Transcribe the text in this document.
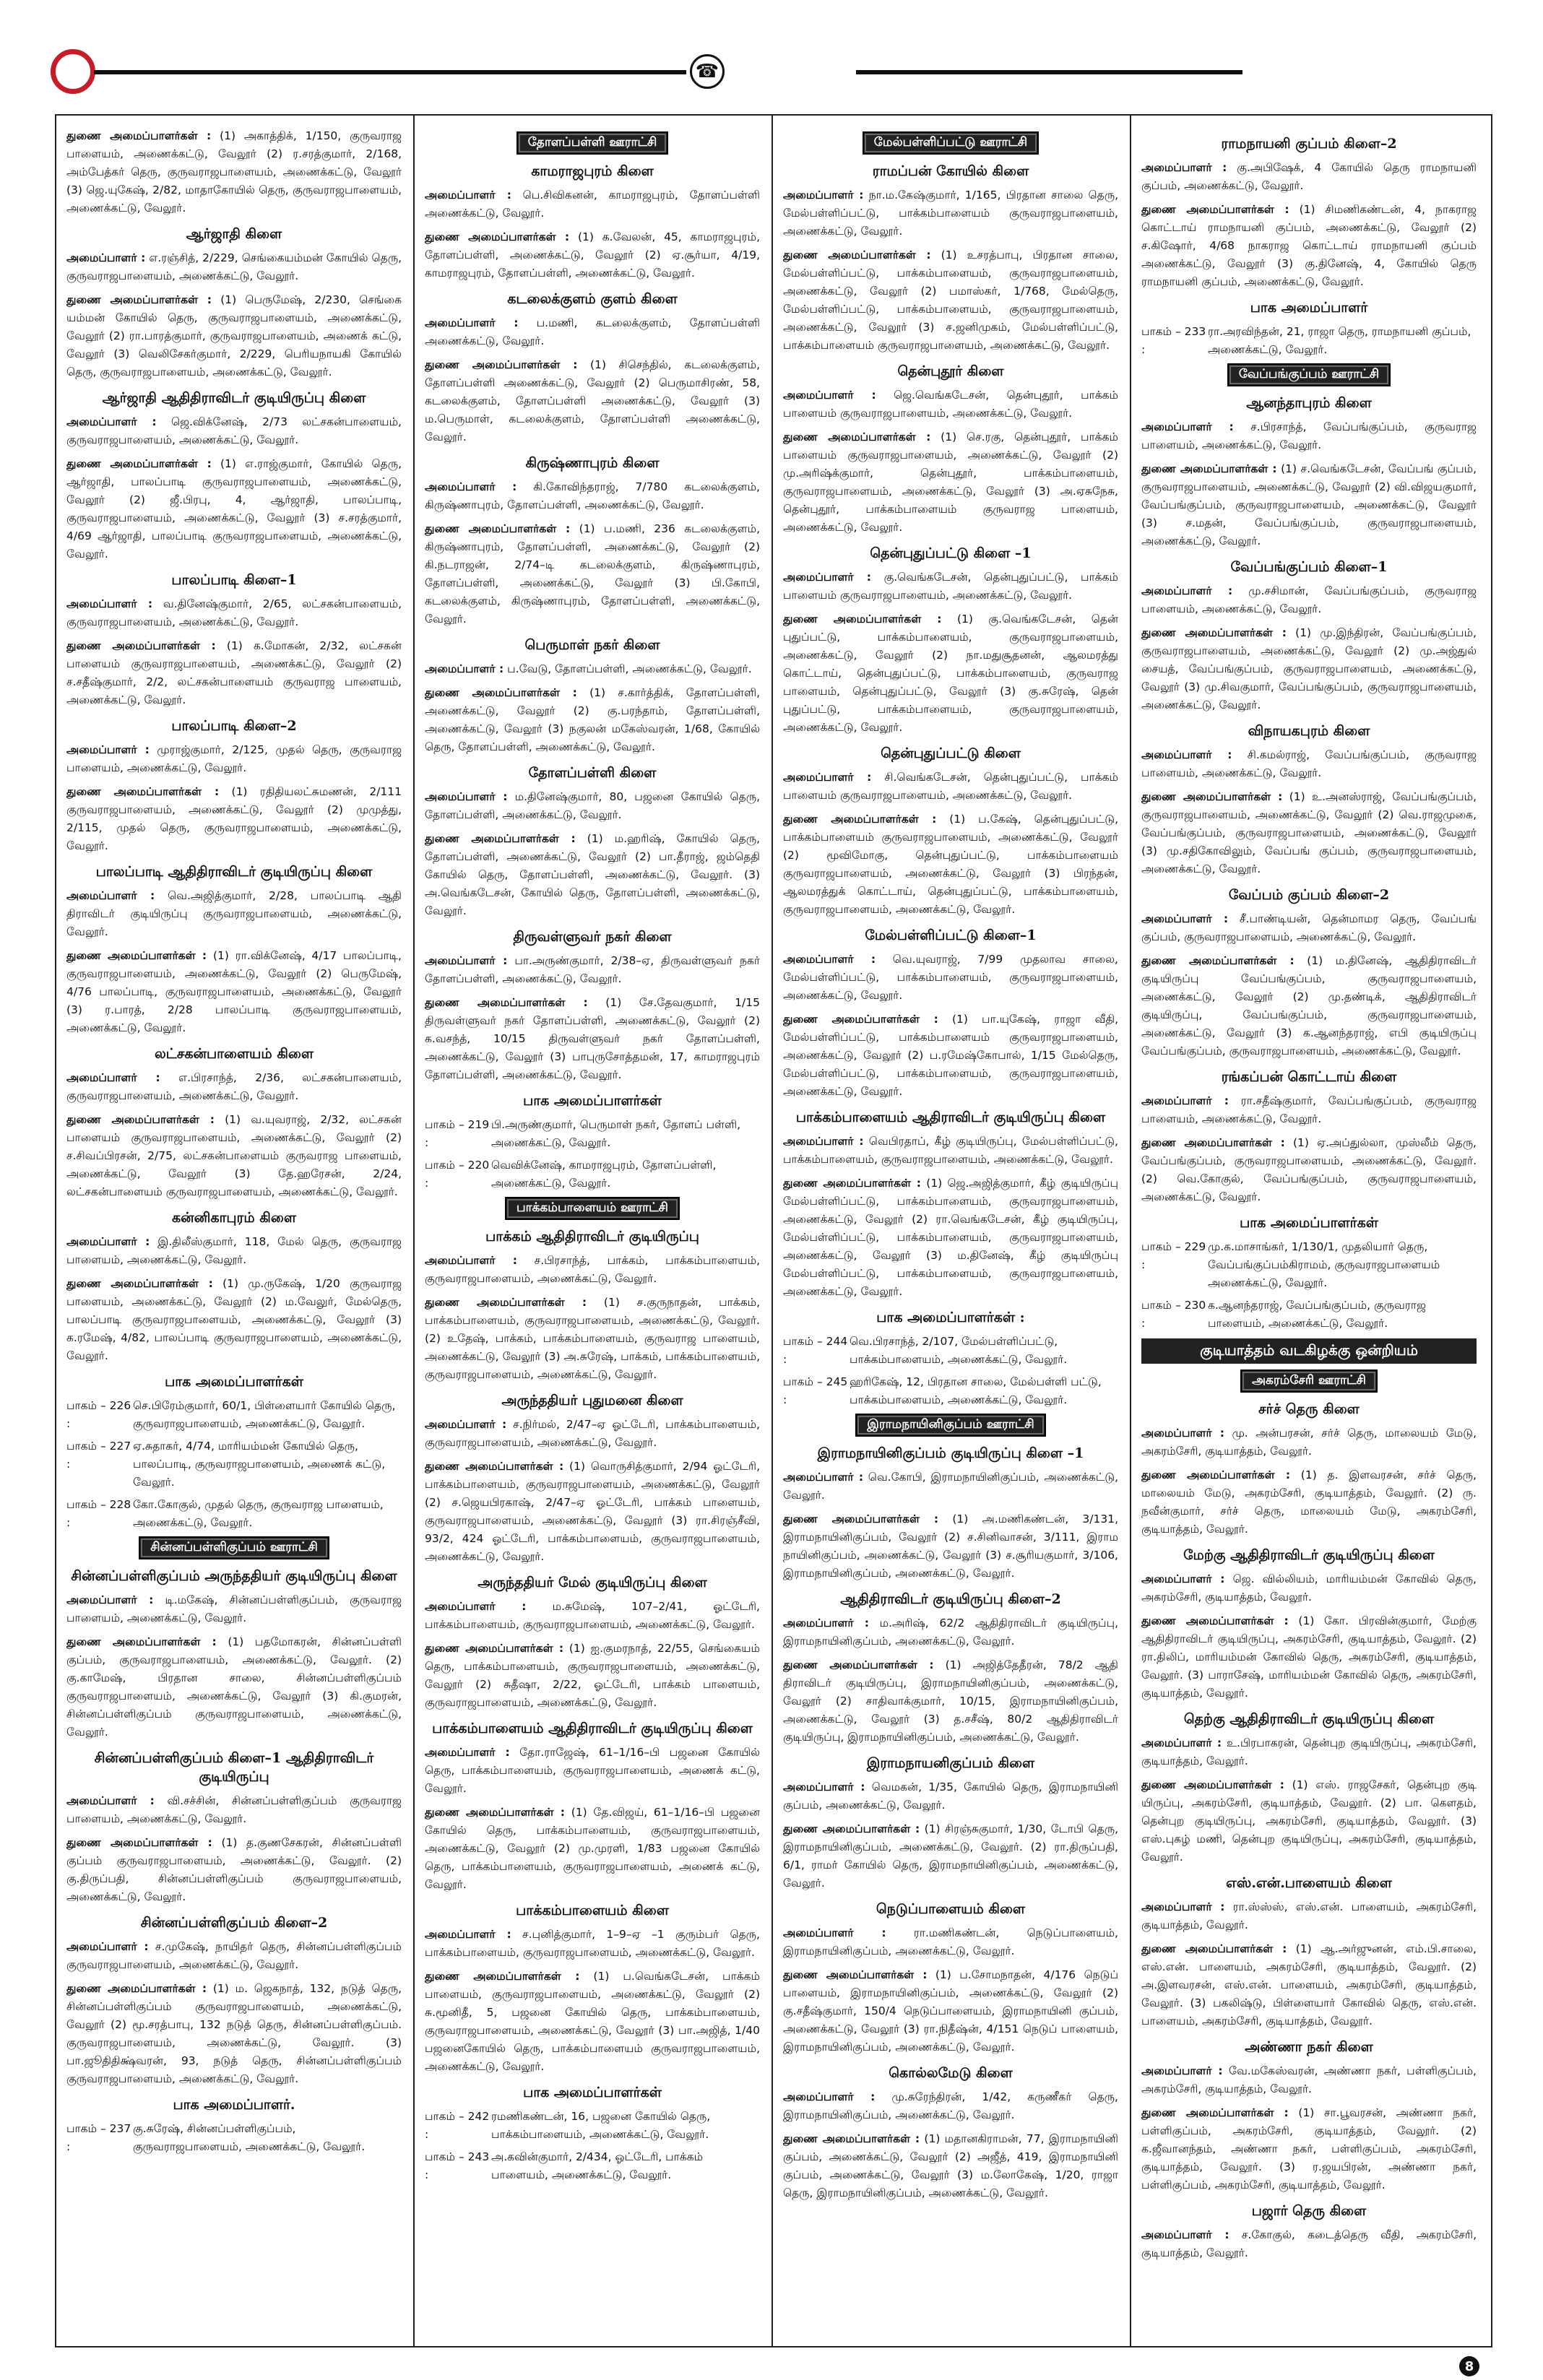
☎

துணை அமைப்பாளர்கள் : (1) அகாத்திக், 1/150, குருவராஜ பாளையம், அணைக்கட்டு, வேலூர் (2) ர.சரத்குமார், 2/168, அம்பேத்கர் தெரு, குருவராஜபாளையம், அணைக்கட்டு, வேலூர் (3) ஜெ.யுகேஷ், 2/82, மாதாகோயில் தெரு, குருவராஜபாளையம், அணைக்கட்டு, வேலூர்.

ஆர்ஜாதி கிளை

அமைப்பாளர் : எ.ரஞ்சித், 2/229, செங்கையம்மன் கோயில் தெரு, குருவராஜபாளையம், அணைக்கட்டு, வேலூர்.

துணை அமைப்பாளர்கள் : (1) பெருமேஷ், 2/230, செங்கை யம்மன் கோயில் தெரு, குருவராஜபாளையம், அணைக்கட்டு, வேலூர் (2) ரா.பாரத்குமார், குருவராஜபாளையம், அணைக் கட்டு, வேலூர் (3) வெலிசேகர்குமார், 2/229, பெரியநாயகி கோயில் தெரு, குருவராஜபாளையம், அணைக்கட்டு, வேலூர்.

ஆர்ஜாதி ஆதிதிராவிடர் குடியிருப்பு கிளை

அமைப்பாளர் : ஜெ.விக்னேஷ், 2/73 லட்சகன்பாளையம், குருவராஜபாளையம், அணைக்கட்டு, வேலூர்.

துணை அமைப்பாளர்கள் : (1) எ.ராஜ்குமார், கோயில் தெரு, ஆர்ஜாதி, பாலப்பாடி குருவராஜபாளையம், அணைக்கட்டு, வேலூர் (2) ஜீ.பிரபு, 4, ஆர்ஜாதி, பாலப்பாடி, குருவராஜபாளையம், அணைக்கட்டு, வேலூர் (3) ச.சரத்குமார், 4/69 ஆர்ஜாதி, பாலப்பாடி குருவராஜபாளையம், அணைக்கட்டு, வேலூர்.

பாலப்பாடி கிளை–1

அமைப்பாளர் : வ.தினேஷ்குமார், 2/65, லட்சகன்பாளையம், குருவராஜபாளையம், அணைக்கட்டு, வேலூர்.

துணை அமைப்பாளர்கள் : (1) க.மோகன், 2/32, லட்சகன் பாளையம் குருவராஜபாளையம், அணைக்கட்டு, வேலூர் (2) ச.சதீஷ்குமார், 2/2, லட்சகன்பாளையம் குருவராஜ பாளையம், அணைக்கட்டு, வேலூர்.

பாலப்பாடி கிளை–2

அமைப்பாளர் : முராஜ்குமார், 2/125, முதல் தெரு, குருவராஜ பாளையம், அணைக்கட்டு, வேலூர்.

துணை அமைப்பாளர்கள் : (1) ரதிதியலட்சுமணன், 2/111 குருவராஜபாளையம், அணைக்கட்டு, வேலூர் (2) முமுத்து, 2/115, முதல் தெரு, குருவராஜபாளையம், அணைக்கட்டு, வேலூர்.

பாலப்பாடி ஆதிதிராவிடர் குடியிருப்பு கிளை

அமைப்பாளர் : வெ.அஜித்குமார், 2/28, பாலப்பாடி ஆதி திராவிடர் குடியிருப்பு குருவராஜபாளையம், அணைக்கட்டு, வேலூர்.

துணை அமைப்பாளர்கள் : (1) ரா.விக்னேஷ், 4/17 பாலப்பாடி, குருவராஜபாளையம், அணைக்கட்டு, வேலூர் (2) பெருமேஷ், 4/76 பாலப்பாடி, குருவராஜபாளையம், அணைக்கட்டு, வேலூர் (3) ர.பாரத், 2/28 பாலப்பாடி குருவராஜபாளையம், அணைக்கட்டு, வேலூர்.

லட்சகன்பாளையம் கிளை

அமைப்பாளர் : எ.பிரசாந்த், 2/36, லட்சகன்பாளையம், குருவராஜபாளையம், அணைக்கட்டு, வேலூர்.

துணை அமைப்பாளர்கள் : (1) வ.யுவராஜ், 2/32, லட்சகன் பாளையம் குருவராஜபாளையம், அணைக்கட்டு, வேலூர் (2) ச.சிவப்பிரசன், 2/75, லட்சகன்பாளையம் குருவராஜ பாளையம், அணைக்கட்டு, வேலூர் (3) தே.ஹரேசன், 2/24, லட்சகன்பாளையம் குருவராஜபாளையம், அணைக்கட்டு, வேலூர்.

கன்னிகாபுரம் கிளை

அமைப்பாளர் : இ.திலீஸ்குமார், 118, மேல் தெரு, குருவராஜ பாளையம், அணைக்கட்டு, வேலூர்.

துணை அமைப்பாளர்கள் : (1) மு.ருகேஷ், 1/20 குருவராஜ பாளையம், அணைக்கட்டு, வேலூர் (2) ம.வேலுர், மேல்தெரு, பாலப்பாடி குருவராஜபாளையம், அணைக்கட்டு, வேலூர் (3) க.ரமேஷ், 4/82, பாலப்பாடி குருவராஜபாளையம், அணைக்கட்டு, வேலூர்.

பாக அமைப்பாளர்கள்
பாகம் – 226 :
செ.பிரேம்குமார், 60/1, பிள்ளையார் கோயில் தெரு, குருவராஜபாளையம், அணைக்கட்டு, வேலூர்.
பாகம் – 227 :
ஏ.சுதாகர், 4/74, மாரியம்மன் கோயில் தெரு, பாலப்பாடி, குருவராஜபாளையம், அணைக் கட்டு, வேலூர்.
பாகம் – 228 :
கோ.கோகுல், முதல் தெரு, குருவராஜ பாளையம், அணைக்கட்டு, வேலூர்.
சின்னப்பள்ளிகுப்பம் ஊராட்சி
சின்னப்பள்ளிகுப்பம் அருந்ததியர் குடியிருப்பு கிளை

அமைப்பாளர் : டி.மகேஷ், சின்னப்பள்ளிகுப்பம், குருவராஜ பாளையம், அணைக்கட்டு, வேலூர்.

துணை அமைப்பாளர்கள் : (1) பதமோகரன், சின்னப்பள்ளி குப்பம், குருவராஜபாளையம், அணைக்கட்டு, வேலூர். (2) கு.காமேஷ், பிரதான சாலை, சின்னப்பள்ளிகுப்பம் குருவராஜபாளையம், அணைக்கட்டு, வேலூர் (3) கி.குமரன், சின்னப்பள்ளிகுப்பம் குருவராஜபாளையம், அணைக்கட்டு, வேலூர்.

சின்னப்பள்ளிகுப்பம் கிளை–1 ஆதிதிராவிடர் குடியிருப்பு

அமைப்பாளர் : வி.சச்சின், சின்னப்பள்ளிகுப்பம் குருவராஜ பாளையம், அணைக்கட்டு, வேலூர்.

துணை அமைப்பாளர்கள் : (1) த.குணசேகரன், சின்னப்பள்ளி குப்பம் குருவராஜபாளையம், அணைக்கட்டு, வேலூர். (2) கு.திருப்பதி, சின்னப்பள்ளிகுப்பம் குருவராஜபாளையம், அணைக்கட்டு, வேலூர்.

சின்னப்பள்ளிகுப்பம் கிளை–2

அமைப்பாளர் : ச.முகேஷ், நாயிதர் தெரு, சின்னப்பள்ளிகுப்பம் குருவராஜபாளையம், அணைக்கட்டு, வேலூர்.

துணை அமைப்பாளர்கள் : (1) ம. ஜெகநாத், 132, நடுத் தெரு, சின்னப்பள்ளிகுப்பம் குருவராஜபாளையம், அணைக்கட்டு, வேலூர் (2) மூ.சரத்பாபு, 132 நடுத் தெரு, சின்னப்பள்ளிகுப்பம். குருவராஜபாளையம், அணைக்கட்டு, வேலூர். (3) பா.ஜூதிதிக்ஷ்வரன், 93, நடுத் தெரு, சின்னப்பள்ளிகுப்பம் குருவராஜபாளையம், அணைக்கட்டு, வேலூர்.

பாக அமைப்பாளர்.
பாகம் – 237 :
கு.சுரேஷ், சின்னப்பள்ளிகுப்பம், குருவராஜபாளையம், அணைக்கட்டு, வேலூர்.
தோளப்பள்ளி ஊராட்சி
காமராஜபுரம் கிளை

அமைப்பாளர் : பெ.சிவிகனன், காமராஜபுரம், தோளப்பள்ளி அணைக்கட்டு, வேலூர்.

துணை அமைப்பாளர்கள் : (1) க.வேலன், 45, காமராஜபுரம், தோளப்பள்ளி, அணைக்கட்டு, வேலூர் (2) ஏ.சூர்யா, 4/19, காமராஜபுரம், தோளப்பள்ளி, அணைக்கட்டு, வேலூர்.

கடலைக்குளம் குளம் கிளை

அமைப்பாளர் : ப.மணி, கடலைக்குளம், தோளப்பள்ளி அணைக்கட்டு, வேலூர்.

துணை அமைப்பாளர்கள் : (1) சிசெந்தில், கடலைக்குளம், தோளப்பள்ளி அணைக்கட்டு, வேலூர் (2) பெருமாசிரண், 58, கடலைக்குளம், தோளப்பள்ளி அணைக்கட்டு, வேலூர் (3) ம.பெருமாள், கடலைக்குளம், தோளப்பள்ளி அணைக்கட்டு, வேலூர்.

கிருஷ்ணாபுரம் கிளை

அமைப்பாளர் : கி.கோவிந்தராஜ், 7/780 கடலைக்குளம், கிருஷ்ணாபுரம், தோளப்பள்ளி, அணைக்கட்டு, வேலூர்.

துணை அமைப்பாளர்கள் : (1) ப.மணி, 236 கடலைக்குளம், கிருஷ்ணாபுரம், தோளப்பள்ளி, அணைக்கட்டு, வேலூர் (2) கி.நடராஜன், 2/74–டி கடலைக்குளம், கிருஷ்ணாபுரம், தோளப்பள்ளி, அணைக்கட்டு, வேலூர் (3) பி.கோபி, கடலைக்குளம், கிருஷ்ணாபுரம், தோளப்பள்ளி, அணைக்கட்டு, வேலூர்.

பெருமாள் நகர் கிளை

அமைப்பாளர் : ப.வேடு, தோளப்பள்ளி, அணைக்கட்டு, வேலூர்.

துணை அமைப்பாளர்கள் : (1) ச.கார்த்திக், தோளப்பள்ளி, அணைக்கட்டு, வேலூர் (2) கு.பரந்தாம், தோளப்பள்ளி, அணைக்கட்டு, வேலூர் (3) நகுலன் மகேஸ்வரன், 1/68, கோயில் தெரு, தோளப்பள்ளி, அணைக்கட்டு, வேலூர்.

தோளப்பள்ளி கிளை

அமைப்பாளர் : ம.தினேஷ்குமார், 80, பஜனை கோயில் தெரு, தோளப்பள்ளி, அணைக்கட்டு, வேலூர்.

துணை அமைப்பாளர்கள் : (1) ம.ஹரிஷ், கோயில் தெரு, தோளப்பள்ளி, அணைக்கட்டு, வேலூர் (2) பா.தீராஜ், ஜம்தெதி கோயில் தெரு, தோளப்பள்ளி, அணைக்கட்டு, வேலூர். (3) அ.வெங்கடேசன், கோயில் தெரு, தோளப்பள்ளி, அணைக்கட்டு, வேலூர்.

திருவள்ளுவர் நகர் கிளை

அமைப்பாளர் : பா.அருண்குமார், 2/38–ஏ, திருவள்ளுவர் நகர் தோளப்பள்ளி, அணைக்கட்டு, வேலூர்.

துணை அமைப்பாளர்கள் : (1) சே.தேவகுமார், 1/15 திருவள்ளுவர் நகர் தோளப்பள்ளி, அணைக்கட்டு, வேலூர் (2) க.வசந்த், 10/15 திருவள்ளுவர் நகர் தோளப்பள்ளி, அணைக்கட்டு, வேலூர் (3) பாபுருசோத்தமன், 17, காமராஜபுரம் தோளப்பள்ளி, அணைக்கட்டு, வேலூர்.

பாக அமைப்பாளர்கள்
பாகம் – 219 :
பி.அருண்குமார், பெருமாள் நகர், தோளப் பள்ளி, அணைக்கட்டு, வேலூர்.
பாகம் – 220 :
வெவிக்னேஷ், காமராஜபுரம், தோளப்பள்ளி, அணைக்கட்டு, வேலூர்.
பாக்கம்பாளையம் ஊராட்சி
பாக்கம் ஆதிதிராவிடர் குடியிருப்பு

அமைப்பாளர் : ச.பிரசாந்த், பாக்கம், பாக்கம்பாளையம், குருவராஜபாளையம், அணைக்கட்டு, வேலூர்.

துணை அமைப்பாளர்கள் : (1) ச.குருநாதன், பாக்கம், பாக்கம்பாளையம், குருவராஜபாளையம், அணைக்கட்டு, வேலூர். (2) உதேஷ், பாக்கம், பாக்கம்பாளையம், குருவராஜ பாளையம், அணைக்கட்டு, வேலூர் (3) அ.சுரேஷ், பாக்கம், பாக்கம்பாளையம், குருவராஜபாளையம், அணைக்கட்டு, வேலூர்.

அருந்ததியர் புதுமனை கிளை

அமைப்பாளர் : ச.நிர்மல், 2/47–ஏ ஓட்டேரி, பாக்கம்பாளையம், குருவராஜபாளையம், அணைக்கட்டு, வேலூர்.

துணை அமைப்பாளர்கள் : (1) வொருசித்குமார், 2/94 ஓட்டேரி, பாக்கம்பாளையம், குருவராஜபாளையம், அணைக்கட்டு, வேலூர் (2) ச.ஜெயபிரகாஷ், 2/47–ஏ ஓட்டேரி, பாக்கம் பாளையம், குருவராஜபாளையம், அணைக்கட்டு, வேலூர் (3) ரா.சிரஞ்சீவி, 93/2, 424 ஓட்டேரி, பாக்கம்பாளையம், குருவராஜபாளையம், அணைக்கட்டு, வேலூர்.

அருந்ததியர் மேல் குடியிருப்பு கிளை

அமைப்பாளர் : ம.சுமேஷ், 107–2/41, ஓட்டேரி, பாக்கம்பாளையம், குருவராஜபாளையம், அணைக்கட்டு, வேலூர்.

துணை அமைப்பாளர்கள் : (1) ஐ.குமரநாத், 22/55, செங்கையம் தெரு, பாக்கம்பாளையம், குருவராஜபாளையம், அணைக்கட்டு, வேலூர் (2) சுதீஷா, 2/22, ஓட்டேரி, பாக்கம் பாளையம், குருவராஜபாளையம், அணைக்கட்டு, வேலூர்.

பாக்கம்பாளையம் ஆதிதிராவிடர் குடியிருப்பு கிளை

அமைப்பாளர் : தோ.ராஜேஷ், 61–1/16–பி பஜனை கோயில் தெரு, பாக்கம்பாளையம், குருவராஜபாளையம், அணைக் கட்டு, வேலூர்.

துணை அமைப்பாளர்கள் : (1) தே.விஜய், 61–1/16–பி பஜனை கோயில் தெரு, பாக்கம்பாளையம், குருவராஜபாளையம், அணைக்கட்டு, வேலூர் (2) மு.முரளி, 1/83 பஜனை கோயில் தெரு, பாக்கம்பாளையம், குருவராஜபாளையம், அணைக் கட்டு, வேலூர்.

பாக்கம்பாளையம் கிளை

அமைப்பாளர் : ச.புனித்குமார், 1–9–ஏ –1 குரும்பர் தெரு, பாக்கம்பாளையம், குருவராஜபாளையம், அணைக்கட்டு, வேலூர்.

துணை அமைப்பாளர்கள் : (1) ப.வெங்கடேசன், பாக்கம் பாளையம், குருவராஜபாளையம், அணைக்கட்டு, வேலூர் (2) சு.மூனிதீ, 5, பஜனை கோயில் தெரு, பாக்கம்பாளையம், குருவராஜபாளையம், அணைக்கட்டு, வேலூர் (3) பா.அஜித், 1/40 பஜனைகோயில் தெரு, பாக்கம்பாளையம் குருவராஜபாளையம், அணைக்கட்டு, வேலூர்.

பாக அமைப்பாளர்கள்
பாகம் – 242 :
ரமணிகண்டன், 16, பஜனை கோயில் தெரு, பாக்கம்பாளையம், அணைக்கட்டு, வேலூர்.
பாகம் – 243 :
அ.கவின்குமார், 2/434, ஓட்டேரி, பாக்கம் பாளையம், அணைக்கட்டு, வேலூர்.
மேல்பள்ளிப்பட்டு ஊராட்சி
ராமப்பன் கோயில் கிளை

அமைப்பாளர் : நா.ம.கேஷ்குமார், 1/165, பிரதான சாலை தெரு, மேல்பள்ளிப்பட்டு, பாக்கம்பாளையம் குருவராஜபாளையம், அணைக்கட்டு, வேலூர்.

துணை அமைப்பாளர்கள் : (1) உசரத்பாபு, பிரதான சாலை, மேல்பள்ளிப்பட்டு, பாக்கம்பாளையம், குருவராஜபாளையம், அணைக்கட்டு, வேலூர் (2) பமாஸ்கர், 1/768, மேல்தெரு, மேல்பள்ளிப்பட்டு, பாக்கம்பாளையம், குருவராஜபாளையம், அணைக்கட்டு, வேலூர் (3) ச.ஜனிமுகம், மேல்பள்ளிப்பட்டு, பாக்கம்பாளையம் குருவராஜபாளையம், அணைக்கட்டு, வேலூர்.

தென்புதூர் கிளை

அமைப்பாளர் : ஜெ.வெங்கடேசன், தென்புதூர், பாக்கம் பாளையம் குருவராஜபாளையம், அணைக்கட்டு, வேலூர்.

துணை அமைப்பாளர்கள் : (1) செ.ரகு, தென்புதூர், பாக்கம் பாளையம் குருவராஜபாளையம், அணைக்கட்டு, வேலூர் (2) மு.அரிஷ்க்குமார், தென்புதூர், பாக்கம்பாளையம், குருவராஜபாளையம், அணைக்கட்டு, வேலூர் (3) அ.ஏசுநேசு, தென்புதூர், பாக்கம்பாளையம் குருவராஜ பாளையம், அணைக்கட்டு, வேலூர்.

தென்புதுப்பட்டு கிளை –1

அமைப்பாளர் : கு.வெங்கடேசன், தென்புதுப்பட்டு, பாக்கம் பாளையம் குருவராஜபாளையம், அணைக்கட்டு, வேலூர்.

துணை அமைப்பாளர்கள் : (1) கு.வெங்கடேசன், தென் புதுப்பட்டு, பாக்கம்பாளையம், குருவராஜபாளையம், அணைக்கட்டு, வேலூர் (2) நா.மதுசூதனன், ஆலமரத்து கொட்டாய், தென்புதுப்பட்டு, பாக்கம்பாளையம், குருவராஜ பாளையம், தென்புதுப்பட்டு, வேலூர் (3) கு.சுரேஷ், தென் புதுப்பட்டு, பாக்கம்பாளையம், குருவராஜபாளையம், அணைக்கட்டு, வேலூர்.

தென்புதுப்பட்டு கிளை

அமைப்பாளர் : சி.வெங்கடேசன், தென்புதுப்பட்டு, பாக்கம் பாளையம் குருவராஜபாளையம், அணைக்கட்டு, வேலூர்.

துணை அமைப்பாளர்கள் : (1) ப.கேஷ், தென்புதுப்பட்டு, பாக்கம்பாளையம் குருவராஜபாளையம், அணைக்கட்டு, வேலூர் (2) மூவிமோகு, தென்புதுப்பட்டு, பாக்கம்பாளையம் குருவராஜபாளையம், அணைக்கட்டு, வேலூர் (3) பிரந்தன், ஆலமரத்துக் கொட்டாய், தென்புதுப்பட்டு, பாக்கம்பாளையம், குருவராஜபாளையம், அணைக்கட்டு, வேலூர்.

மேல்பள்ளிப்பட்டு கிளை–1

அமைப்பாளர் : வெ.யுவராஜ், 7/99 முதலாவ சாலை, மேல்பள்ளிப்பட்டு, பாக்கம்பாளையம், குருவராஜபாளையம், அணைக்கட்டு, வேலூர்.

துணை அமைப்பாளர்கள் : (1) பா.யுகேஷ், ராஜா வீதி, மேல்பள்ளிப்பட்டு, பாக்கம்பாளையம் குருவராஜபாளையம், அணைக்கட்டு, வேலூர் (2) ப.ரமேஷ்கோபால், 1/15 மேல்தெரு, மேல்பள்ளிப்பட்டு, பாக்கம்பாளையம், குருவராஜபாளையம், அணைக்கட்டு, வேலூர்.

பாக்கம்பாளையம் ஆதிராவிடர் குடியிருப்பு கிளை

அமைப்பாளர் : வெபிரதாப், கீழ் குடியிருப்பு, மேல்பள்ளிப்பட்டு, பாக்கம்பாளையம், குருவராஜபாளையம், அணைக்கட்டு, வேலூர்.

துணை அமைப்பாளர்கள் : (1) ஜெ.அஜித்குமார், கீழ் குடியிருப்பு மேல்பள்ளிப்பட்டு, பாக்கம்பாளையம், குருவராஜபாளையம், அணைக்கட்டு, வேலூர் (2) ரா.வெங்கடேசன், கீழ் குடியிருப்பு, மேல்பள்ளிப்பட்டு, பாக்கம்பாளையம், குருவராஜபாளையம், அணைக்கட்டு, வேலூர் (3) ம.தினேஷ், கீழ் குடியிருப்பு மேல்பள்ளிப்பட்டு, பாக்கம்பாளையம், குருவராஜபாளையம், அணைக்கட்டு, வேலூர்.

பாக அமைப்பாளர்கள் :
பாகம் – 244 :
வெ.பிரசாந்த், 2/107, மேல்பள்ளிப்பட்டு, பாக்கம்பாளையம், அணைக்கட்டு, வேலூர்.
பாகம் – 245 :
ஹரிகேஷ், 12, பிரதான சாலை, மேல்பள்ளி பட்டு, பாக்கம்பாளையம், அணைக்கட்டு, வேலூர்.
இராமநாயினிகுப்பம் ஊராட்சி
இராமநாயினிகுப்பம் குடியிருப்பு கிளை –1

அமைப்பாளர் : வெ.கோபி, இராமநாயினிகுப்பம், அணைக்கட்டு, வேலூர்.

துணை அமைப்பாளர்கள் : (1) அ.மணிகண்டன், 3/131, இராமநாயினிகுப்பம், வேலூர் (2) ச.சினிவாசன், 3/111, இராம நாயினிகுப்பம், அணைக்கட்டு, வேலூர் (3) ச.சூரியகுமார், 3/106, இராமநாயினிகுப்பம், அணைக்கட்டு, வேலூர்.

ஆதிதிராவிடர் குடியிருப்பு கிளை–2

அமைப்பாளர் : ம.அரிஷ், 62/2 ஆதிதிராவிடர் குடியிருப்பு, இராமநாயினிகுப்பம், அணைக்கட்டு, வேலூர்.

துணை அமைப்பாளர்கள் : (1) அஜித்தேதீரன், 78/2 ஆதி திராவிடர் குடியிருப்பு, இராமநாயினிகுப்பம், அணைக்கட்டு, வேலூர் (2) சாதிவாக்குமார், 10/15, இராமநாயினிகுப்பம், அணைக்கட்டு, வேலூர் (3) த.சசீஷ், 80/2 ஆதிதிராவிடர் குடியிருப்பு, இராமநாயினிகுப்பம், அணைக்கட்டு, வேலூர்.

இராமநாயனிகுப்பம் கிளை

அமைப்பாளர் : வெமகன், 1/35, கோயில் தெரு, இராமநாயினி குப்பம், அணைக்கட்டு, வேலூர்.

துணை அமைப்பாளர்கள் : (1) சிரஞ்சுகுமார், 1/30, டோபி தெரு, இராமநாயினிகுப்பம், அணைக்கட்டு, வேலூர். (2) ரா.திருப்பதி, 6/1, ராமர் கோயில் தெரு, இராமநாயினிகுப்பம், அணைக்கட்டு, வேலூர்.

நெடுப்பாளையம் கிளை

அமைப்பாளர் : ரா.மணிகண்டன், நெடுப்பாளையம், இராமநாயினிகுப்பம், அணைக்கட்டு, வேலூர்.

துணை அமைப்பாளர்கள் : (1) ப.சோமநாதன், 4/176 நெடுப் பாளையம், இராமநாயினிகுப்பம், அணைக்கட்டு, வேலூர் (2) கு.சதீஷ்குமார், 150/4 நெடுப்பாளையம், இராமநாயினி குப்பம், அணைக்கட்டு, வேலூர் (3) ரா.நிதீஷ்ன், 4/151 நெடுப் பாளையம், இராமநாயினிகுப்பம், அணைக்கட்டு, வேலூர்.

கொல்லமேடு கிளை

அமைப்பாளர் : மு.சுரேந்திரன், 1/42, கருணீகர் தெரு, இராமநாயினிகுப்பம், அணைக்கட்டு, வேலூர்.

துணை அமைப்பாளர்கள் : (1) மதானகிராமன், 77, இராமநாயினி குப்பம், அணைக்கட்டு, வேலூர் (2) அஜீத், 419, இராமநாயினி குப்பம், அணைக்கட்டு, வேலூர் (3) ம.லோகேஷ், 1/20, ராஜா தெரு, இராமநாயினிகுப்பம், அணைக்கட்டு, வேலூர்.

ராமநாயனி குப்பம் கிளை–2

அமைப்பாளர் : கு.அபிஷேக், 4 கோயில் தெரு ராமநாயனி குப்பம், அணைக்கட்டு, வேலூர்.

துணை அமைப்பாளர்கள் : (1) சிமணிகண்டன், 4, நாகராஜ கொட்டாய் ராமநாயனி குப்பம், அணைக்கட்டு, வேலூர் (2) ச.கிஷோர், 4/68 நாகராஜ கொட்டாய் ராமநாயனி குப்பம் அணைக்கட்டு, வேலூர் (3) கு.தினேஷ், 4, கோயில் தெரு ராமநாயனி குப்பம், அணைக்கட்டு, வேலூர்.

பாக அமைப்பாளர்
பாகம் – 233 :
ரா.அரவிந்தன், 21, ராஜா தெரு, ராமநாயனி குப்பம், அணைக்கட்டு, வேலூர்.
வேப்பங்குப்பம் ஊராட்சி
ஆனந்தாபுரம் கிளை

அமைப்பாளர் : ச.பிரசாந்த், வேப்பங்குப்பம், குருவராஜ பாளையம், அணைக்கட்டு, வேலூர்.

துணை அமைப்பாளர்கள் : (1) ச.வெங்கடேசன், வேப்பங் குப்பம், குருவராஜபாளையம், அணைக்கட்டு, வேலூர் (2) வி.விஜயகுமார், வேப்பங்குப்பம், குருவராஜபாளையம், அணைக்கட்டு, வேலூர் (3) ச.மதன், வேப்பங்குப்பம், குருவராஜபாளையம், அணைக்கட்டு, வேலூர்.

வேப்பங்குப்பம் கிளை–1

அமைப்பாளர் : மு.சசிமான், வேப்பங்குப்பம், குருவராஜ பாளையம், அணைக்கட்டு, வேலூர்.

துணை அமைப்பாளர்கள் : (1) மு.இந்திரன், வேப்பங்குப்பம், குருவராஜபாளையம், அணைக்கட்டு, வேலூர் (2) மு.அஜ்துல் சையத், வேப்பங்குப்பம், குருவராஜபாளையம், அணைக்கட்டு, வேலூர் (3) மு.சிவகுமார், வேப்பங்குப்பம், குருவராஜபாளையம், அணைக்கட்டு, வேலூர்.

விநாயகபுரம் கிளை

அமைப்பாளர் : சி.கமல்ராஜ், வேப்பங்குப்பம், குருவராஜ பாளையம், அணைக்கட்டு, வேலூர்.

துணை அமைப்பாளர்கள் : (1) உ.அனஸ்ராஜ், வேப்பங்குப்பம், குருவராஜபாளையம், அணைக்கட்டு, வேலூர் (2) வெ.ராஜமுகை, வேப்பங்குப்பம், குருவராஜபாளையம், அணைக்கட்டு, வேலூர் (3) மு.சதிகோவிலும், வேப்பங் குப்பம், குருவராஜபாளையம், அணைக்கட்டு, வேலூர்.

வேப்பம் குப்பம் கிளை–2

அமைப்பாளர் : சீ.பாண்டியன், தென்மாமர தெரு, வேப்பங் குப்பம், குருவராஜபாளையம், அணைக்கட்டு, வேலூர்.

துணை அமைப்பாளர்கள் : (1) ம.தினேஷ், ஆதிதிராவிடர் குடியிருப்பு வேப்பங்குப்பம், குருவராஜபாளையம், அணைக்கட்டு, வேலூர் (2) மு.தண்டிக், ஆதிதிராவிடர் குடியிருப்பு, வேப்பங்குப்பம், குருவராஜபாளையம், அணைக்கட்டு, வேலூர் (3) க.ஆனந்தராஜ், எபி குடியிருப்பு வேப்பங்குப்பம், குருவராஜபாளையம், அணைக்கட்டு, வேலூர்.

ரங்கப்பன் கொட்டாய் கிளை

அமைப்பாளர் : ரா.சதீஷ்குமார், வேப்பங்குப்பம், குருவராஜ பாளையம், அணைக்கட்டு, வேலூர்.

துணை அமைப்பாளர்கள் : (1) ஏ.அப்துல்லா, முஸ்லீம் தெரு, வேப்பங்குப்பம், குருவராஜபாளையம், அணைக்கட்டு, வேலூர். (2) வெ.கோகுல், வேப்பங்குப்பம், குருவராஜபாளையம், அணைக்கட்டு, வேலூர்.

பாக அமைப்பாளர்கள்
பாகம் – 229 :
மு.க.மாசாங்கர், 1/130/1, முதலியார் தெரு, வேப்பங்குப்பம்கிராமம், குருவராஜபாளையம் அணைக்கட்டு, வேலூர்.
பாகம் – 230 :
க.ஆனந்தராஜ், வேப்பங்குப்பம், குருவராஜ பாளையம், அணைக்கட்டு, வேலூர்.
குடியாத்தம் வடகிழக்கு ஒன்றியம்
அகரம்சேரி ஊராட்சி
சர்ச் தெரு கிளை

அமைப்பாளர் : மு. அன்பரசன், சர்ச் தெரு, மாலையம் மேடு, அகரம்சேரி, குடியாத்தம், வேலூர்.

துணை அமைப்பாளர்கள் : (1) த. இளவரசன், சர்ச் தெரு, மாலையம் மேடு, அகரம்சேரி, குடியாத்தம், வேலூர். (2) ரு. நவீன்குமார், சர்ச் தெரு, மாலையம் மேடு, அகரம்சேரி, குடியாத்தம், வேலூர்.

மேற்கு ஆதிதிராவிடர் குடியிருப்பு கிளை

அமைப்பாளர் : ஜெ. வில்லியம், மாரியம்மன் கோவில் தெரு, அகரம்சேரி, குடியாத்தம், வேலூர்.

துணை அமைப்பாளர்கள் : (1) கோ. பிரவின்குமார், மேற்கு ஆதிதிராவிடர் குடியிருப்பு, அகரம்சேரி, குடியாத்தம், வேலூர். (2) ரா.திலிப், மாரியம்மன் கோவில் தெரு, அகரம்சேரி, குடியாத்தம், வேலூர். (3) பாராசேஷ், மாரியம்மன் கோவில் தெரு, அகரம்சேரி, குடியாத்தம், வேலூர்.

தெற்கு ஆதிதிராவிடர் குடியிருப்பு கிளை

அமைப்பாளர் : உ.பிரபாகரன், தென்புற குடியிருப்பு, அகரம்சேரி, குடியாத்தம், வேலூர்.

துணை அமைப்பாளர்கள் : (1) எஸ். ராஜசேகர், தென்புற குடி யிருப்பு, அகரம்சேரி, குடியாத்தம், வேலூர். (2) பா. கௌதம், தென்புற குடியிருப்பு, அகரம்சேரி, குடியாத்தம், வேலூர். (3) எஸ்.புகழ் மணி, தென்புற குடியிருப்பு, அகரம்சேரி, குடியாத்தம், வேலூர்.

எஸ்.என்.பாளையம் கிளை

அமைப்பாளர் : ரா.ஸ்ஸ்ஸ், எஸ்.என். பாளையம், அகரம்சேரி, குடியாத்தம், வேலூர்.

துணை அமைப்பாளர்கள் : (1) ஆ.அர்ஜுனன், எம்.பி.சாலை, எஸ்.என். பாளையம், அகரம்சேரி, குடியாத்தம், வேலூர். (2) அ.இளவரசன், எஸ்.என். பாளையம், அகரம்சேரி, குடியாத்தம், வேலூர். (3) பகலிஷ்டு, பிள்ளையார் கோவில் தெரு, எஸ்.என். பாளையம், அகரம்சேரி, குடியாத்தம், வேலூர்.

அண்ணா நகர் கிளை

அமைப்பாளர் : வே.மகேஸ்வரன், அண்ணா நகர், பள்ளிகுப்பம், அகரம்சேரி, குடியாத்தம், வேலூர்.

துணை அமைப்பாளர்கள் : (1) சா.பூவரசன், அண்ணா நகர், பள்ளிகுப்பம், அகரம்சேரி, குடியாத்தம், வேலூர். (2) க.ஜீவானந்தம், அண்ணா நகர், பள்ளிகுப்பம், அகரம்சேரி, குடியாத்தம், வேலூர். (3) ர.ஜயபிரன், அண்ணா நகர், பள்ளிகுப்பம், அகரம்சேரி, குடியாத்தம், வேலூர்.

பஜார் தெரு கிளை

அமைப்பாளர் : ச.கோகுல், கடைத்தெரு வீதி, அகரம்சேரி, குடியாத்தம், வேலூர்.

8
